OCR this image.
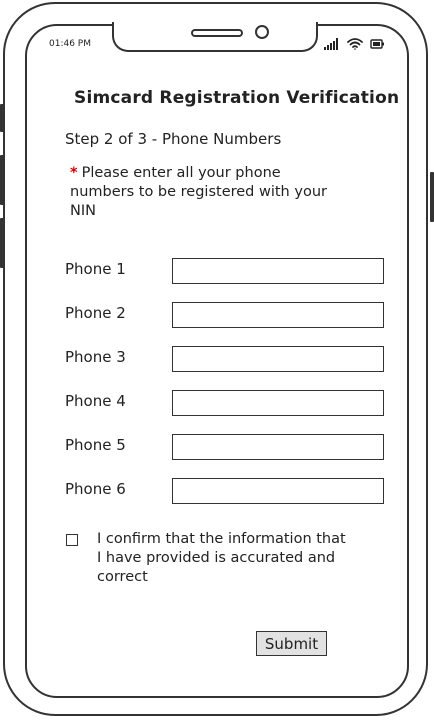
01:46 PM
Simcard Registration Verification
Step 2 of 3 - Phone Numbers
* Please enter all your phone numbers to be registered with your NIN
Phone 1
Phone 2
Phone 3
Phone 4
Phone 5
Phone 6
I confirm that the information that I have provided is accurated and correct
Submit
